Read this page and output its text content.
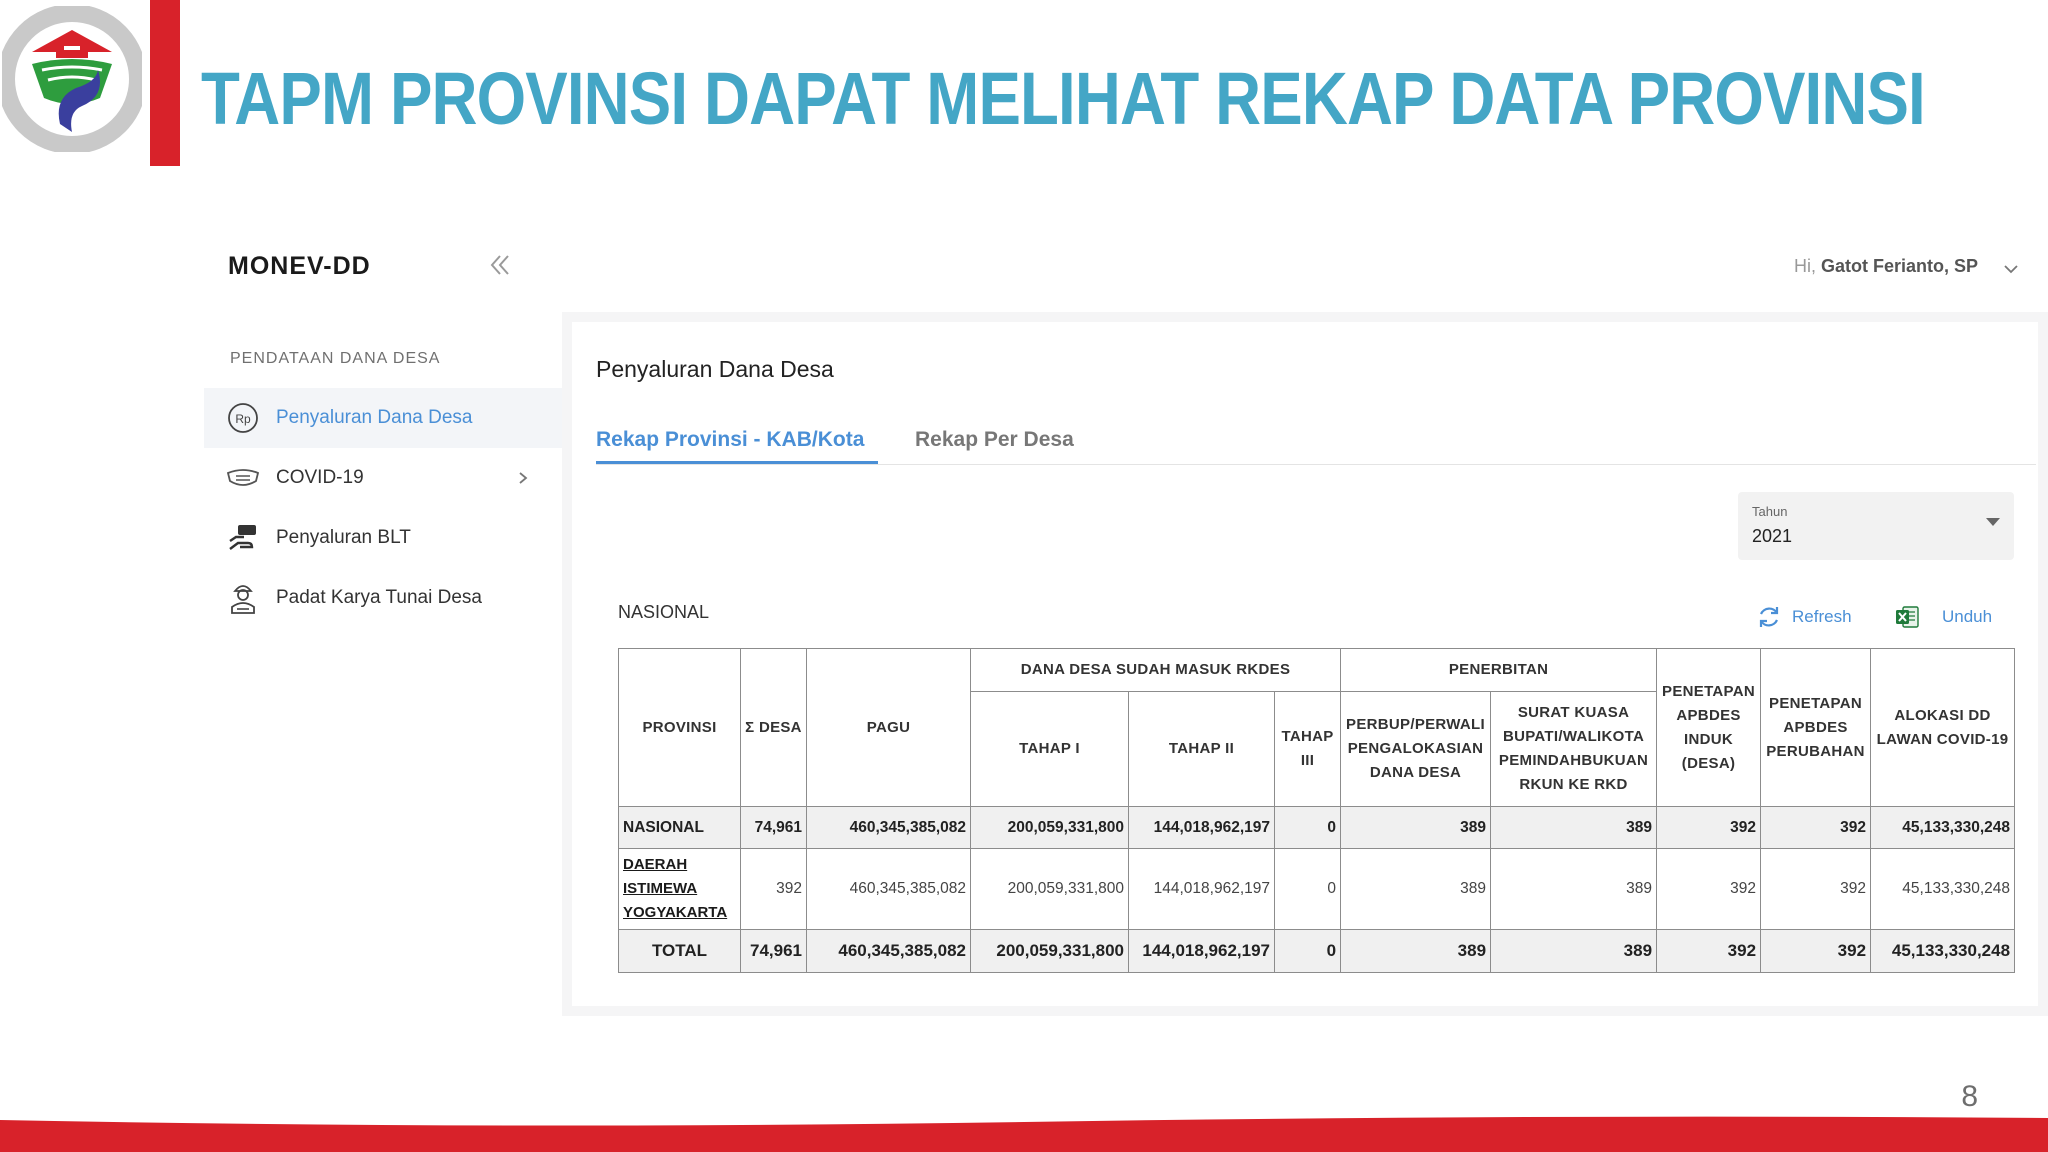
TAPM PROVINSI DAPAT MELIHAT REKAP DATA PROVINSI
MONEV-DD
PENDATAAN DANA DESA
Rp Penyaluran Dana Desa
COVID-19
Penyaluran BLT
Padat Karya Tunai Desa
Hi, Gatot Ferianto, SP
Penyaluran Dana Desa
Rekap Provinsi - KAB/Kota Rekap Per Desa
Tahun
2021
NASIONAL	Refresh	Unduh
PROVINSI	Σ DESA	PAGU	DANA DESA SUDAH MASUK RKDES			PENERBITAN		PENETAPAN APBDES INDUK (DESA)	PENETAPAN APBDES PERUBAHAN	ALOKASI DD LAWAN COVID-19
			TAHAP I	TAHAP II	TAHAP III	PERBUP/PERWALI PENGALOKASIAN DANA DESA	SURAT KUASA BUPATI/WALIKOTA PEMINDAHBUKUAN RKUN KE RKD			
NASIONAL	74,961	460,345,385,082	200,059,331,800	144,018,962,197	0	389	389	392	392	45,133,330,248
DAERAH ISTIMEWA YOGYAKARTA	392	460,345,385,082	200,059,331,800	144,018,962,197	0	389	389	392	392	45,133,330,248
TOTAL	74,961	460,345,385,082	200,059,331,800	144,018,962,197	0	389	389	392	392	45,133,330,248
8
